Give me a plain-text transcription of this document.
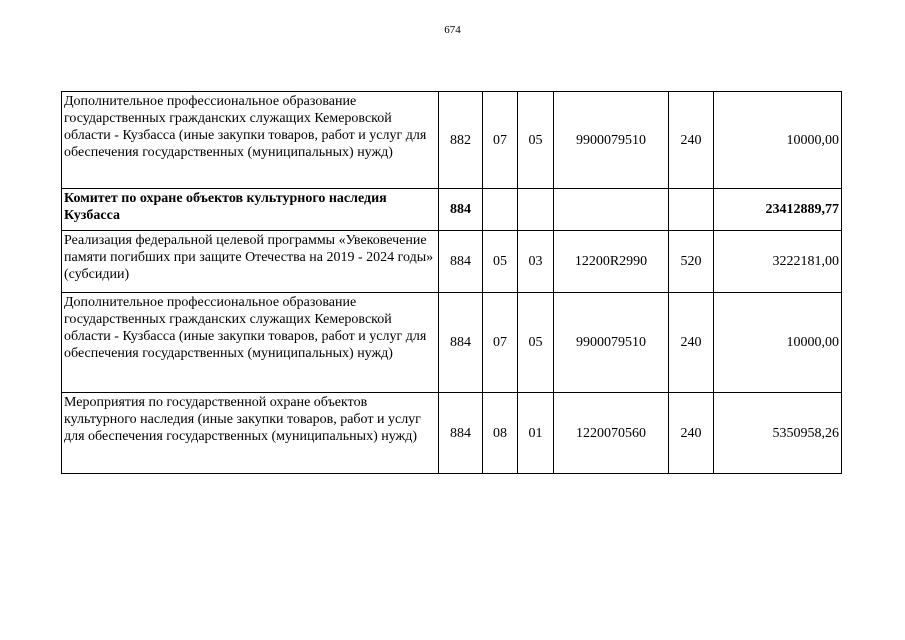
674
Дополнительное профессиональное образование государственных гражданских служащих Кемеровской области - Кузбасса (иные закупки товаров, работ и услуг для обеспечения государственных (муниципальных) нужд)	882	07	05	9900079510	240	10000,00
Комитет по охране объектов культурного наследия Кузбасса	884					23412889,77
Реализация федеральной целевой программы «Увековечение памяти погибших при защите Отечества на 2019 - 2024 годы» (субсидии)	884	05	03	12200R2990	520	3222181,00
Дополнительное профессиональное образование государственных гражданских служащих Кемеровской области - Кузбасса (иные закупки товаров, работ и услуг для обеспечения государственных (муниципальных) нужд)	884	07	05	9900079510	240	10000,00
Мероприятия по государственной охране объектов культурного наследия (иные закупки товаров, работ и услуг для обеспечения государственных (муниципальных) нужд)	884	08	01	1220070560	240	5350958,26
